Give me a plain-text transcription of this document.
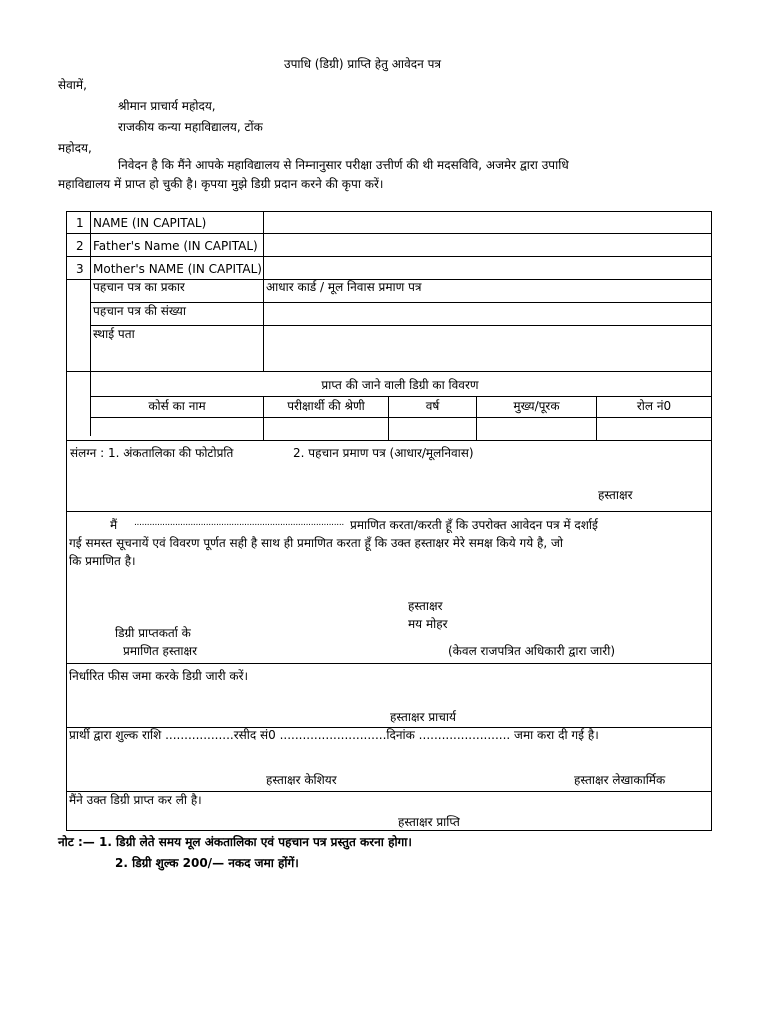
उपाधि (डिग्री) प्राप्ति हेतु आवेदन पत्र
सेवामें,
श्रीमान प्राचार्य महोदय,
राजकीय कन्या महाविद्यालय, टोंक
महोदय,
निवेदन है कि मैंने आपके महाविद्यालय से निम्नानुसार परीक्षा उत्तीर्ण की थी मदसविवि, अजमेर द्वारा उपाधि
महाविद्यालय में प्राप्त हो चुकी है। कृपया मुझे डिग्री प्रदान करने की कृपा करें।
1 NAME (IN CAPITAL)
2 Father's Name (IN CAPITAL)
3 Mother's NAME (IN CAPITAL)
पहचान पत्र का प्रकार	आधार कार्ड / मूल निवास प्रमाण पत्र
पहचान पत्र की संख्या
स्थाई पता
प्राप्त की जाने वाली डिग्री का विवरण
कोर्स का नाम	परीक्षार्थी की श्रेणी	वर्ष	मुख्य/पूरक	रोल नं0
संलग्न : 1. अंकतालिका की फोटोप्रति	2. पहचान प्रमाण पत्र (आधार/मूलनिवास)
हस्ताक्षर
मैं .................................................................................. प्रमाणित करता/करती हूँ कि उपरोक्त आवेदन पत्र में दर्शाई
गई समस्त सूचनायें एवं विवरण पूर्णत सही है साथ ही प्रमाणित करता हूँ कि उक्त हस्ताक्षर मेरे समक्ष किये गये है, जो
कि प्रमाणित है।
हस्ताक्षर
मय मोहर
डिग्री प्राप्तकर्ता के
प्रमाणित हस्ताक्षर	(केवल राजपत्रित अधिकारी द्वारा जारी)
निर्धारित फीस जमा करके डिग्री जारी करें।
हस्ताक्षर प्राचार्य
प्रार्थी द्वारा शुल्क राशि ..................रसीद सं0 ............................दिनांक ........................ जमा करा दी गई है।
हस्ताक्षर केशियर	हस्ताक्षर लेखाकार्मिक
मैंने उक्त डिग्री प्राप्त कर ली है।
हस्ताक्षर प्राप्ति
नोट :— 1. डिग्री लेते समय मूल अंकतालिका एवं पहचान पत्र प्रस्तुत करना होगा।
2. डिग्री शुल्क 200/— नकद जमा होंगें।
